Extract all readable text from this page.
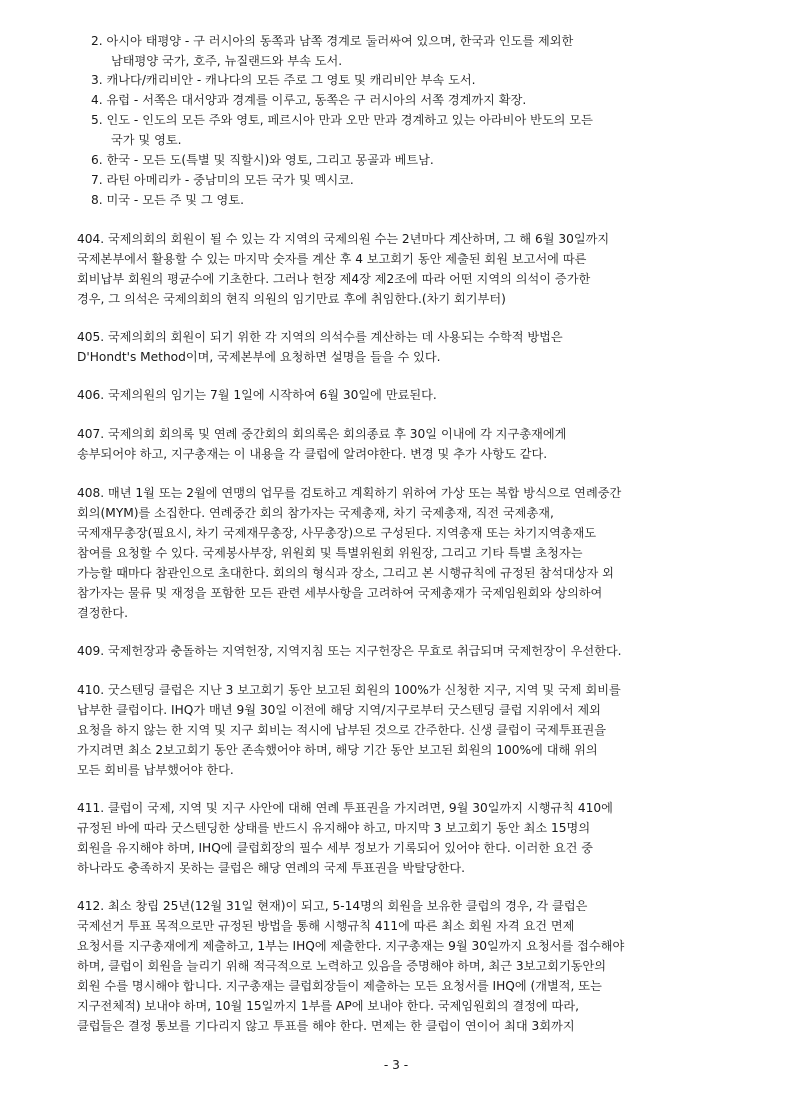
2. 아시아 태평양 - 구 러시아의 동쪽과 남쪽 경계로 둘러싸여 있으며, 한국과 인도를 제외한
남태평양 국가, 호주, 뉴질랜드와 부속 도서.
3. 캐나다/캐리비안 - 캐나다의 모든 주로 그 영토 및 캐리비안 부속 도서.
4. 유럽 - 서쪽은 대서양과 경계를 이루고, 동쪽은 구 러시아의 서쪽 경계까지 확장.
5. 인도 - 인도의 모든 주와 영토, 페르시아 만과 오만 만과 경계하고 있는 아라비아 반도의 모든
국가 및 영토.
6. 한국 - 모든 도(특별 및 직할시)와 영토, 그리고 몽골과 베트남.
7. 라틴 아메리카 - 중남미의 모든 국가 및 멕시코.
8. 미국 - 모든 주 및 그 영토.
404. 국제의회의 회원이 될 수 있는 각 지역의 국제의원 수는 2년마다 계산하며, 그 해 6월 30일까지
국제본부에서 활용할 수 있는 마지막 숫자를 계산 후 4 보고회기 동안 제출된 회원 보고서에 따른
회비납부 회원의 평균수에 기초한다. 그러나 헌장 제4장 제2조에 따라 어떤 지역의 의석이 증가한
경우, 그 의석은 국제의회의 현직 의원의 임기만료 후에 취임한다.(차기 회기부터)
405. 국제의회의 회원이 되기 위한 각 지역의 의석수를 계산하는 데 사용되는 수학적 방법은
D'Hondt's Method이며, 국제본부에 요청하면 설명을 들을 수 있다.
406. 국제의원의 임기는 7월 1일에 시작하여 6월 30일에 만료된다.
407. 국제의회 회의록 및 연례 중간회의 회의록은 회의종료 후 30일 이내에 각 지구총재에게
송부되어야 하고, 지구총재는 이 내용을 각 클럽에 알려야한다. 변경 및 추가 사항도 같다.
408. 매년 1월 또는 2월에 연맹의 업무를 검토하고 계획하기 위하여 가상 또는 복합 방식으로 연례중간
회의(MYM)를 소집한다. 연례중간 회의 참가자는 국제총재, 차기 국제총재, 직전 국제총재,
국제재무총장(필요시, 차기 국제재무총장, 사무총장)으로 구성된다. 지역총재 또는 차기지역총재도
참여를 요청할 수 있다. 국제봉사부장, 위원회 및 특별위원회 위원장, 그리고 기타 특별 초청자는
가능할 때마다 참관인으로 초대한다. 회의의 형식과 장소, 그리고 본 시행규칙에 규정된 참석대상자 외
참가자는 물류 및 재정을 포함한 모든 관련 세부사항을 고려하여 국제총재가 국제임원회와 상의하여
결정한다.
409. 국제헌장과 충돌하는 지역헌장, 지역지침 또는 지구헌장은 무효로 취급되며 국제헌장이 우선한다.
410. 굿스텐딩 클럽은 지난 3 보고회기 동안 보고된 회원의 100%가 신청한 지구, 지역 및 국제 회비를
납부한 클럽이다. IHQ가 매년 9월 30일 이전에 해당 지역/지구로부터 굿스텐딩 클럽 지위에서 제외
요청을 하지 않는 한 지역 및 지구 회비는 적시에 납부된 것으로 간주한다. 신생 클럽이 국제투표권을
가지려면 최소 2보고회기 동안 존속했어야 하며, 해당 기간 동안 보고된 회원의 100%에 대해 위의
모든 회비를 납부했어야 한다.
411. 클럽이 국제, 지역 및 지구 사안에 대해 연례 투표권을 가지려면, 9월 30일까지 시행규칙 410에
규정된 바에 따라 굿스텐딩한 상태를 반드시 유지해야 하고, 마지막 3 보고회기 동안 최소 15명의
회원을 유지해야 하며, IHQ에 클럽회장의 필수 세부 정보가 기록되어 있어야 한다. 이러한 요건 중
하나라도 충족하지 못하는 클럽은 해당 연례의 국제 투표권을 박탈당한다.
412. 최소 창립 25년(12월 31일 현재)이 되고, 5-14명의 회원을 보유한 클럽의 경우, 각 클럽은
국제선거 투표 목적으로만 규정된 방법을 통해 시행규칙 411에 따른 최소 회원 자격 요건 면제
요청서를 지구총재에게 제출하고, 1부는 IHQ에 제출한다. 지구총재는 9월 30일까지 요청서를 접수해야
하며, 클럽이 회원을 늘리기 위해 적극적으로 노력하고 있음을 증명해야 하며, 최근 3보고회기동안의
회원 수를 명시해야 합니다. 지구총재는 클럽회장들이 제출하는 모든 요청서를 IHQ에 (개별적, 또는
지구전체적) 보내야 하며, 10월 15일까지 1부를 AP에 보내야 한다. 국제임원회의 결정에 따라,
클럽들은 결정 통보를 기다리지 않고 투표를 해야 한다. 면제는 한 클럽이 연이어 최대 3회까지
- 3 -
